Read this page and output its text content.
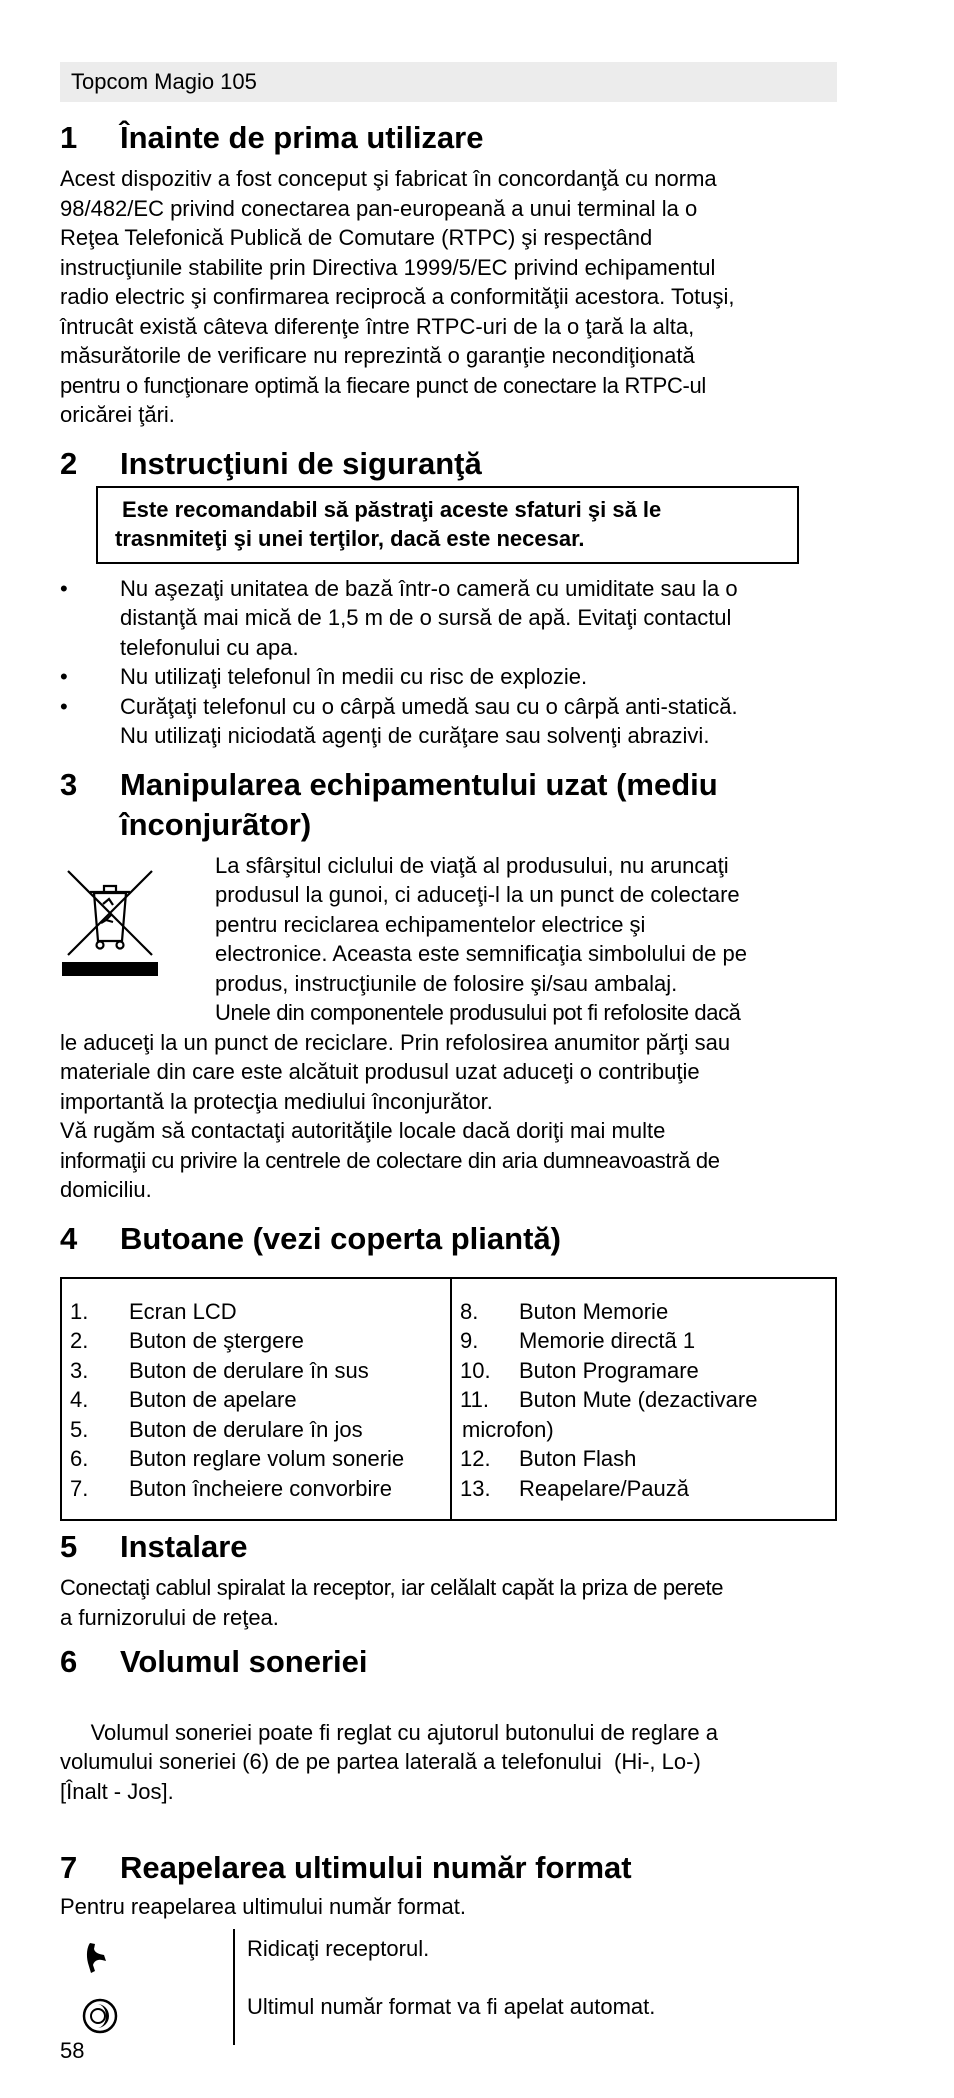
Topcom Magio 105
1	Înainte de prima utilizare

Acest dispozitiv a fost conceput şi fabricat în concordanţă cu norma
98/482/EC privind conectarea pan-europeană a unui terminal la o
Reţea Telefonică Publică de Comutare (RTPC) şi respectând
instrucţiunile stabilite prin Directiva 1999/5/EC privind echipamentul
radio electric şi confirmarea reciprocă a conformităţii acestora. Totuşi,
întrucât există câteva diferenţe între RTPC-uri de la o ţară la alta,
măsurătorile de verificare nu reprezintă o garanţie necondiţionată
pentru o funcţionare optimă la fiecare punct de conectare la RTPC-ul
oricărei ţări.

2	Instrucţiuni de siguranţă
Este recomandabil să păstraţi aceste sfaturi şi să le
trasnmiteţi şi unei terţilor, dacă este necesar.
•	Nu aşezaţi unitatea de bază într-o cameră cu umiditate sau la o
distanţă mai mică de 1,5 m de o sursă de apă. Evitaţi contactul
telefonului cu apa.
•	Nu utilizaţi telefonul în medii cu risc de explozie.
•	Curăţaţi telefonul cu o cârpă umedă sau cu o cârpă anti-statică.
Nu utilizaţi niciodată agenţi de curăţare sau solvenţi abrazivi.
3	Manipularea echipamentului uzat (mediu
înconjurãtor)
La sfârşitul ciclului de viaţă al produsului, nu aruncaţi
produsul la gunoi, ci aduceţi-l la un punct de colectare
pentru reciclarea echipamentelor electrice şi
electronice. Aceasta este semnificaţia simbolului de pe
produs, instrucţiunile de folosire şi/sau ambalaj.
Unele din componentele produsului pot fi refolosite dacă

le aduceţi la un punct de reciclare. Prin refolosirea anumitor părţi sau
materiale din care este alcătuit produsul uzat aduceţi o contribuţie
importantă la protecţia mediului înconjurător.
Vă rugăm să contactaţi autorităţile locale dacă doriţi mai multe
informaţii cu privire la centrele de colectare din aria dumneavoastră de
domiciliu.

4	Butoane (vezi coperta pliantă)
1.	Ecran LCD
2.	Buton de ştergere
3.	Buton de derulare în sus
4.	Buton de apelare
5.	Buton de derulare în jos
6.	Buton reglare volum sonerie
7.	Buton încheiere convorbire

8.	Buton Memorie
9.	Memorie directã 1
10.	Buton Programare
11.	Buton Mute (dezactivare
microfon)
12.	Buton Flash
13.	Reapelare/Pauză
5	Instalare

Conectaţi cablul spiralat la receptor, iar celălalt capăt la priza de perete
a furnizorului de reţea.

6	Volumul soneriei

Volumul soneriei poate fi reglat cu ajutorul butonului de reglare a
volumului soneriei (6) de pe partea laterală a telefonului  (Hi-, Lo-)
[Înalt - Jos].

7	Reapelarea ultimului număr format

Pentru reapelarea ultimului număr format.

Ridicaţi receptorul.
Ultimul număr format va fi apelat automat.
58
